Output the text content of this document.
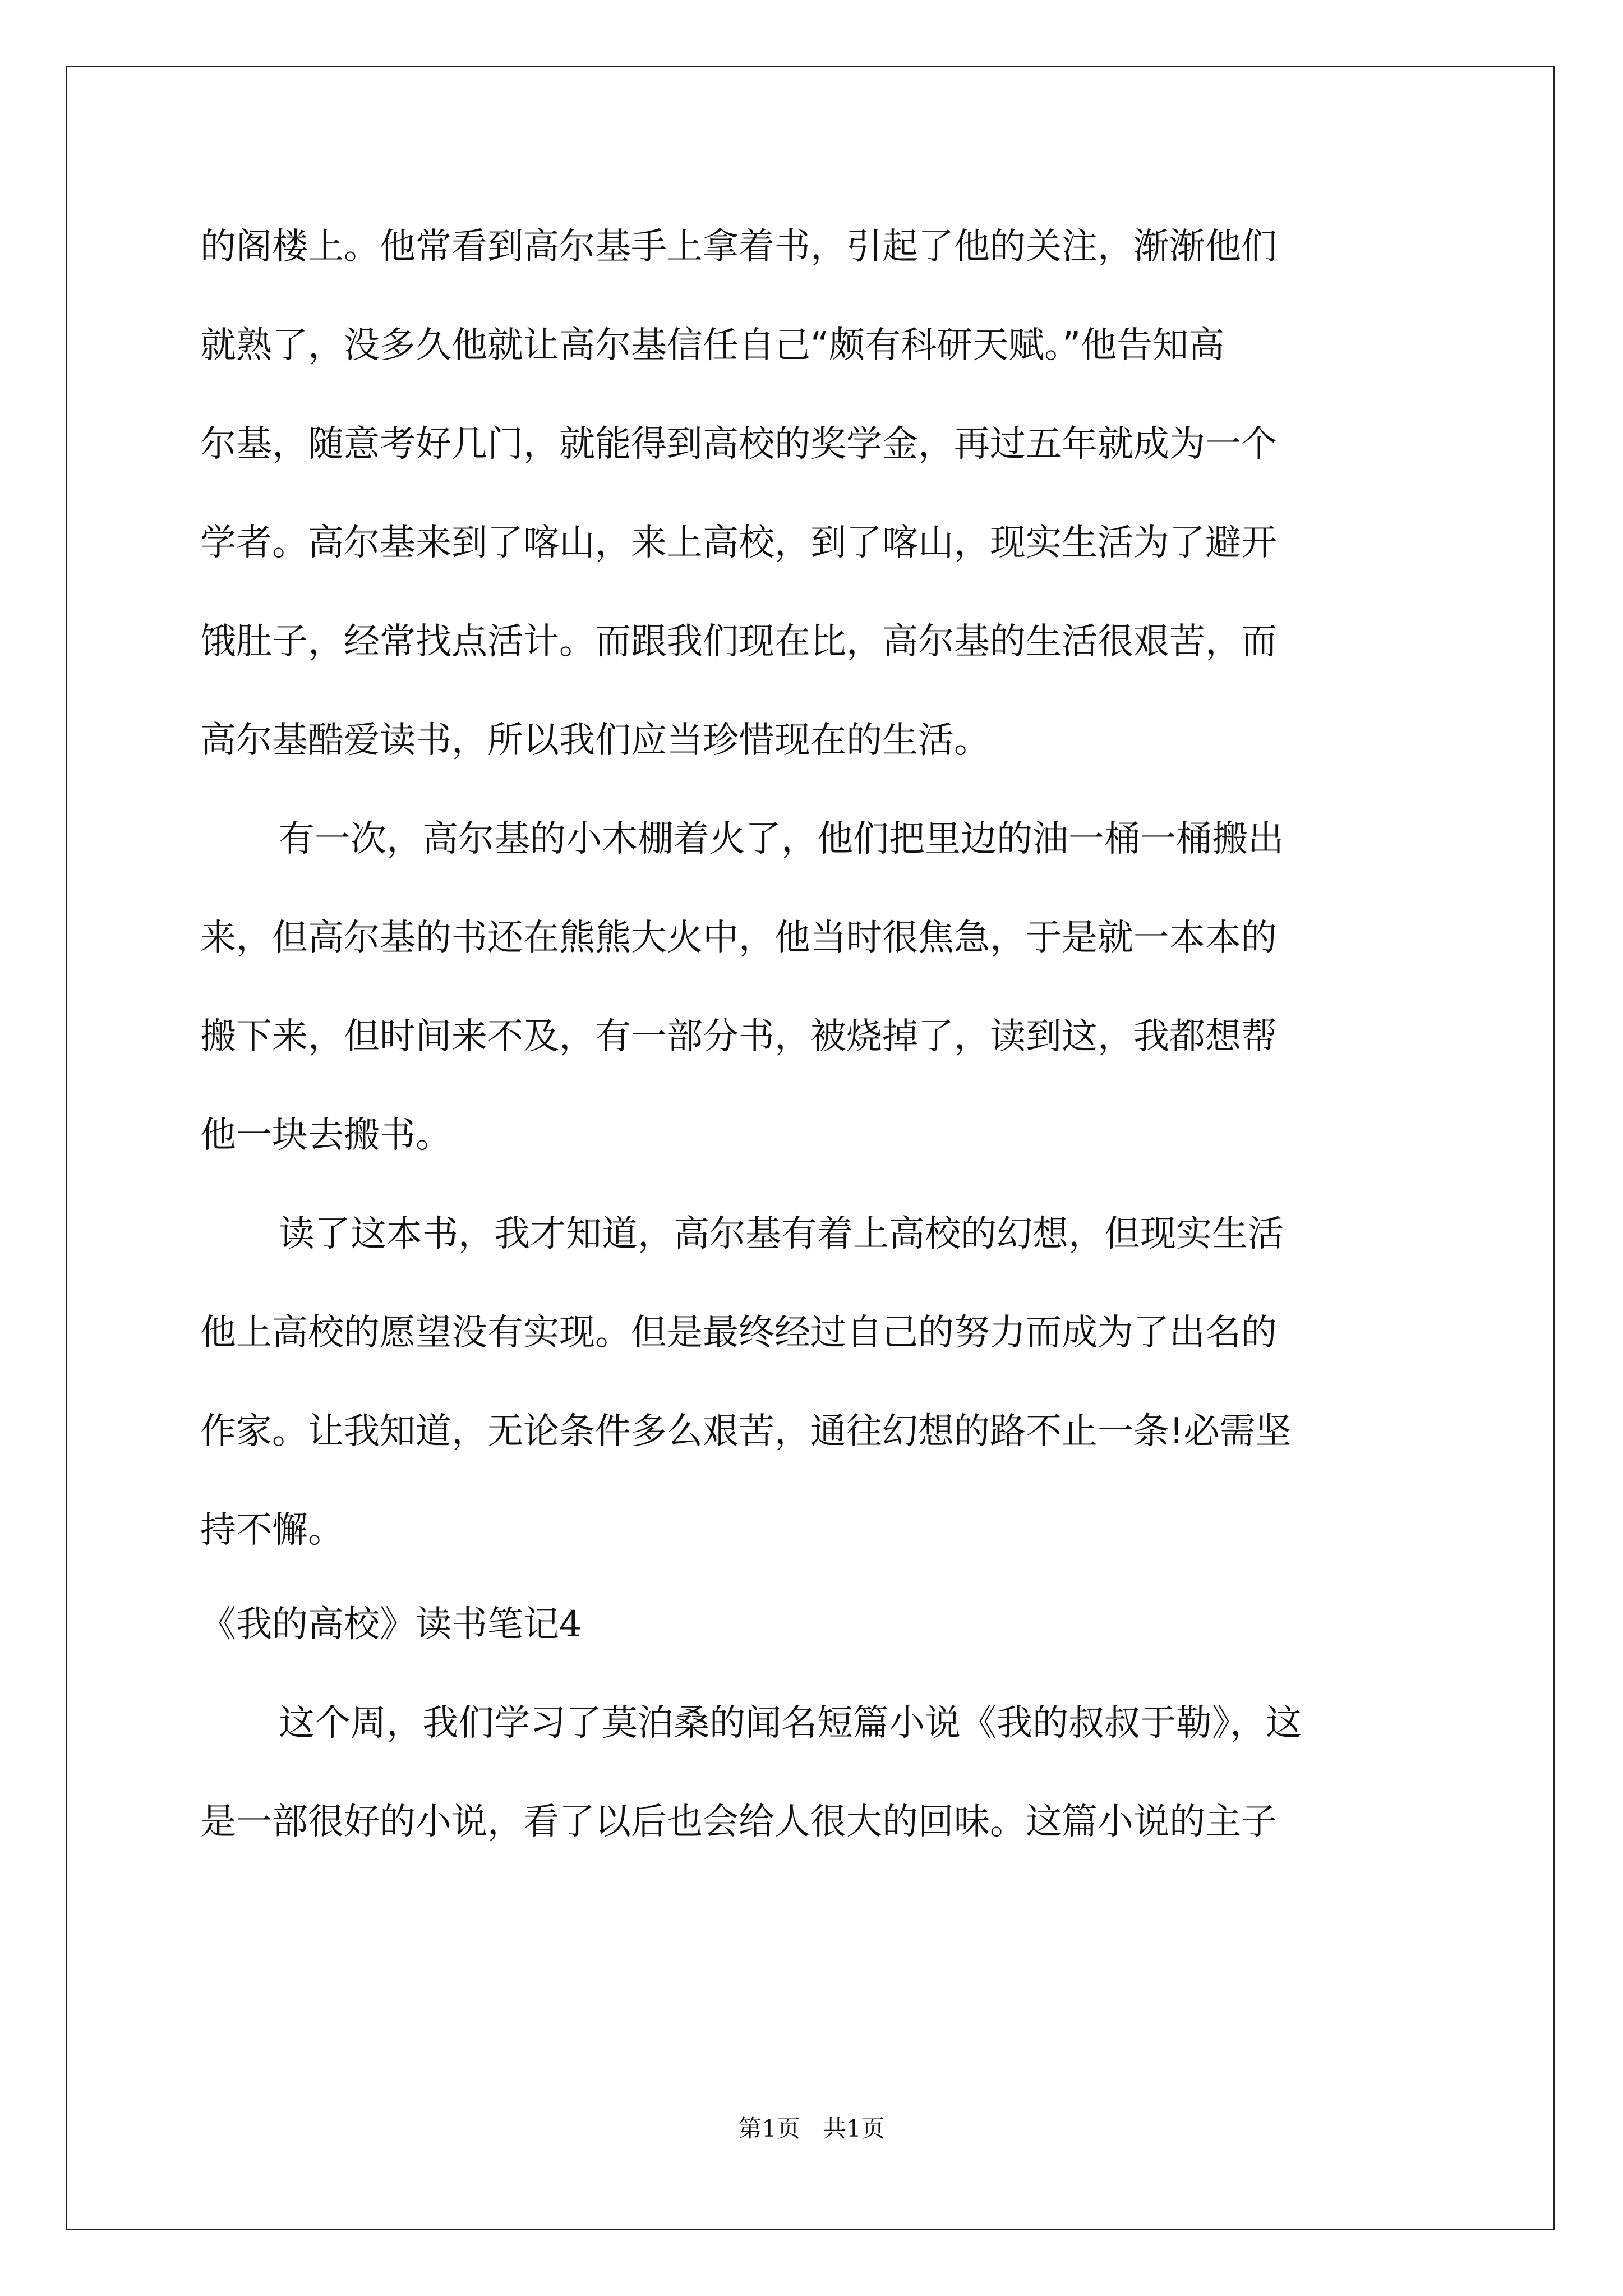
的阁楼上。他常看到高尔基手上拿着书，引起了他的关注，渐渐他们
就熟了，没多久他就让高尔基信任自己“颇有科研天赋。”他告知高
尔基，随意考好几门，就能得到高校的奖学金，再过五年就成为一个
学者。高尔基来到了喀山，来上高校，到了喀山，现实生活为了避开
饿肚子，经常找点活计。而跟我们现在比，高尔基的生活很艰苦，而
高尔基酷爱读书，所以我们应当珍惜现在的生活。
有一次，高尔基的小木棚着火了，他们把里边的油一桶一桶搬出
来，但高尔基的书还在熊熊大火中，他当时很焦急，于是就一本本的
搬下来，但时间来不及，有一部分书，被烧掉了，读到这，我都想帮
他一块去搬书。
读了这本书，我才知道，高尔基有着上高校的幻想，但现实生活
他上高校的愿望没有实现。但是最终经过自己的努力而成为了出名的
作家。让我知道，无论条件多么艰苦，通往幻想的路不止一条!必需坚
持不懈。
《我的高校》读书笔记4
这个周，我们学习了莫泊桑的闻名短篇小说《我的叔叔于勒》，这
是一部很好的小说，看了以后也会给人很大的回味。这篇小说的主子
第1页 共1页
